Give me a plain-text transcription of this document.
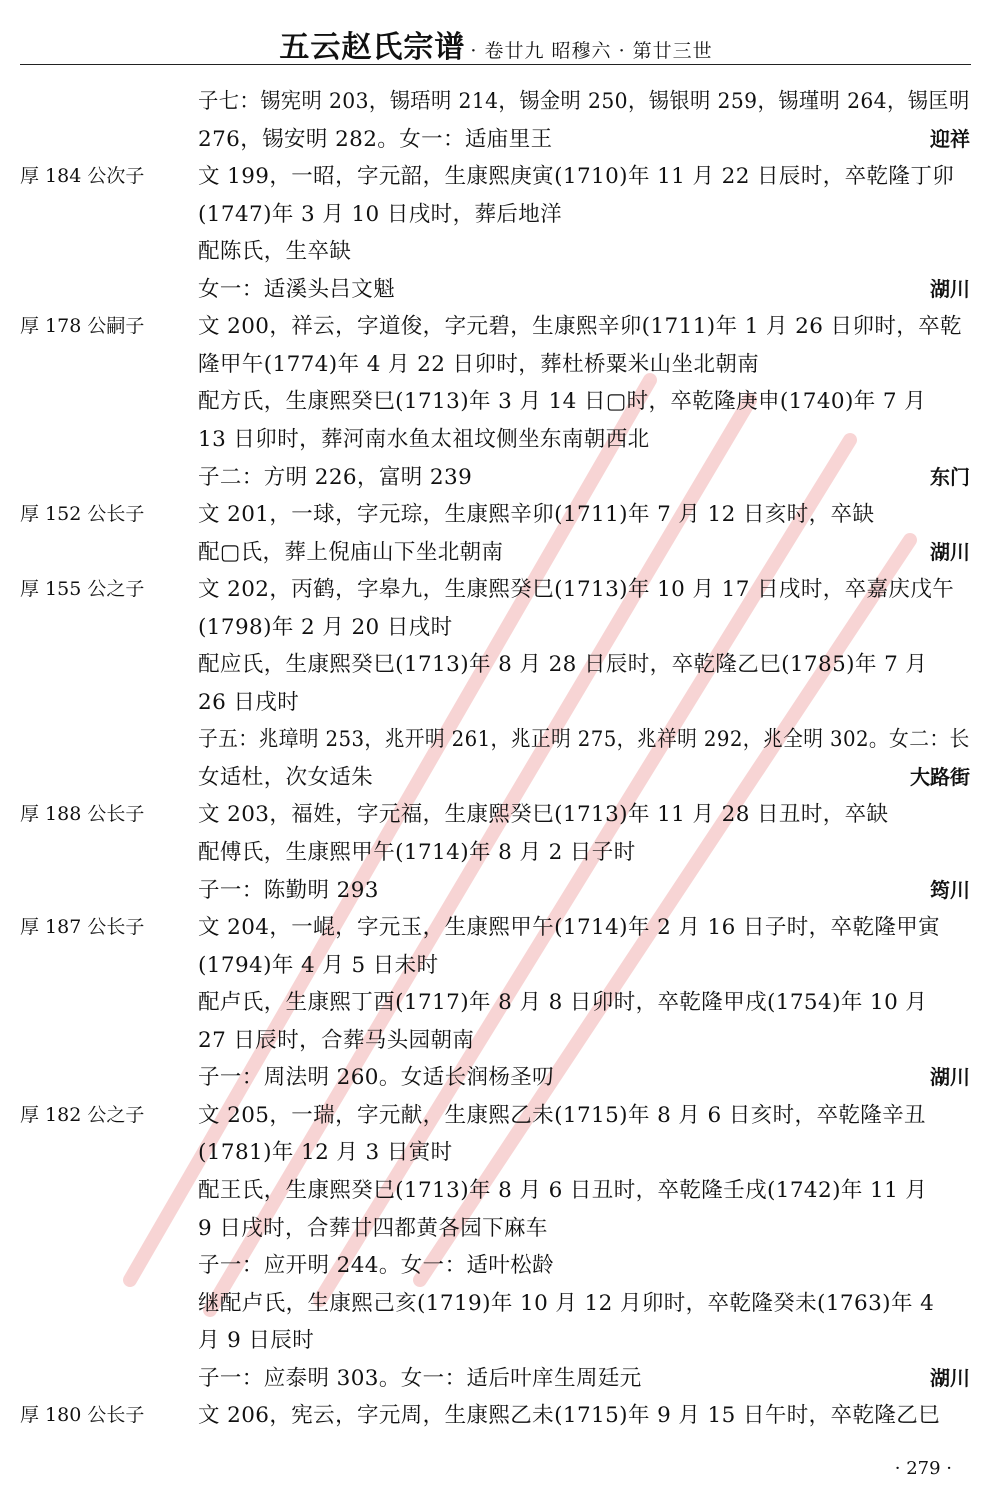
五云赵氏宗谱 · 卷廿九 昭穆六 · 第廿三世
子七：锡宪明 203，锡珸明 214，锡金明 250，锡银明 259，锡瑾明 264，锡匡明
276，锡安明 282。女一：适庙里王	迎祥
厚 184 公次子 文 199，一昭，字元韶，生康熙庚寅(1710)年 11 月 22 日辰时，卒乾隆丁卯
(1747)年 3 月 10 日戌时，葬后地洋
配陈氏，生卒缺
女一：适溪头吕文魁	湖川
厚 178 公嗣子 文 200，祥云，字道俊，字元碧，生康熙辛卯(1711)年 1 月 26 日卯时，卒乾
隆甲午(1774)年 4 月 22 日卯时，葬杜桥粟米山坐北朝南
配方氏，生康熙癸巳(1713)年 3 月 14 日▢时，卒乾隆庚申(1740)年 7 月
13 日卯时，葬河南水鱼太祖坟侧坐东南朝西北
子二：方明 226，富明 239	东门
厚 152 公长子 文 201，一球，字元琮，生康熙辛卯(1711)年 7 月 12 日亥时，卒缺
配▢氏，葬上倪庙山下坐北朝南	湖川
厚 155 公之子 文 202，丙鹤，字皋九，生康熙癸巳(1713)年 10 月 17 日戌时，卒嘉庆戊午
(1798)年 2 月 20 日戌时
配应氏，生康熙癸巳(1713)年 8 月 28 日辰时，卒乾隆乙巳(1785)年 7 月
26 日戌时
子五：兆璋明 253，兆开明 261，兆正明 275，兆祥明 292，兆全明 302。女二：长
女适杜，次女适朱	大路街
厚 188 公长子 文 203，福姓，字元福，生康熙癸巳(1713)年 11 月 28 日丑时，卒缺
配傅氏，生康熙甲午(1714)年 8 月 2 日子时
子一：陈勤明 293	筠川
厚 187 公长子 文 204，一崐，字元玉，生康熙甲午(1714)年 2 月 16 日子时，卒乾隆甲寅
(1794)年 4 月 5 日未时
配卢氏，生康熙丁酉(1717)年 8 月 8 日卯时，卒乾隆甲戌(1754)年 10 月
27 日辰时，合葬马头园朝南
子一：周法明 260。女适长润杨圣叨	湖川
厚 182 公之子 文 205，一瑞，字元献，生康熙乙未(1715)年 8 月 6 日亥时，卒乾隆辛丑
(1781)年 12 月 3 日寅时
配王氏，生康熙癸巳(1713)年 8 月 6 日丑时，卒乾隆壬戌(1742)年 11 月
9 日戌时，合葬廿四都黄各园下麻车
子一：应开明 244。女一：适叶松龄
继配卢氏，生康熙己亥(1719)年 10 月 12 月卯时，卒乾隆癸未(1763)年 4
月 9 日辰时
子一：应泰明 303。女一：适后叶庠生周廷元	湖川
厚 180 公长子 文 206，宪云，字元周，生康熙乙未(1715)年 9 月 15 日午时，卒乾隆乙巳
· 279 ·
